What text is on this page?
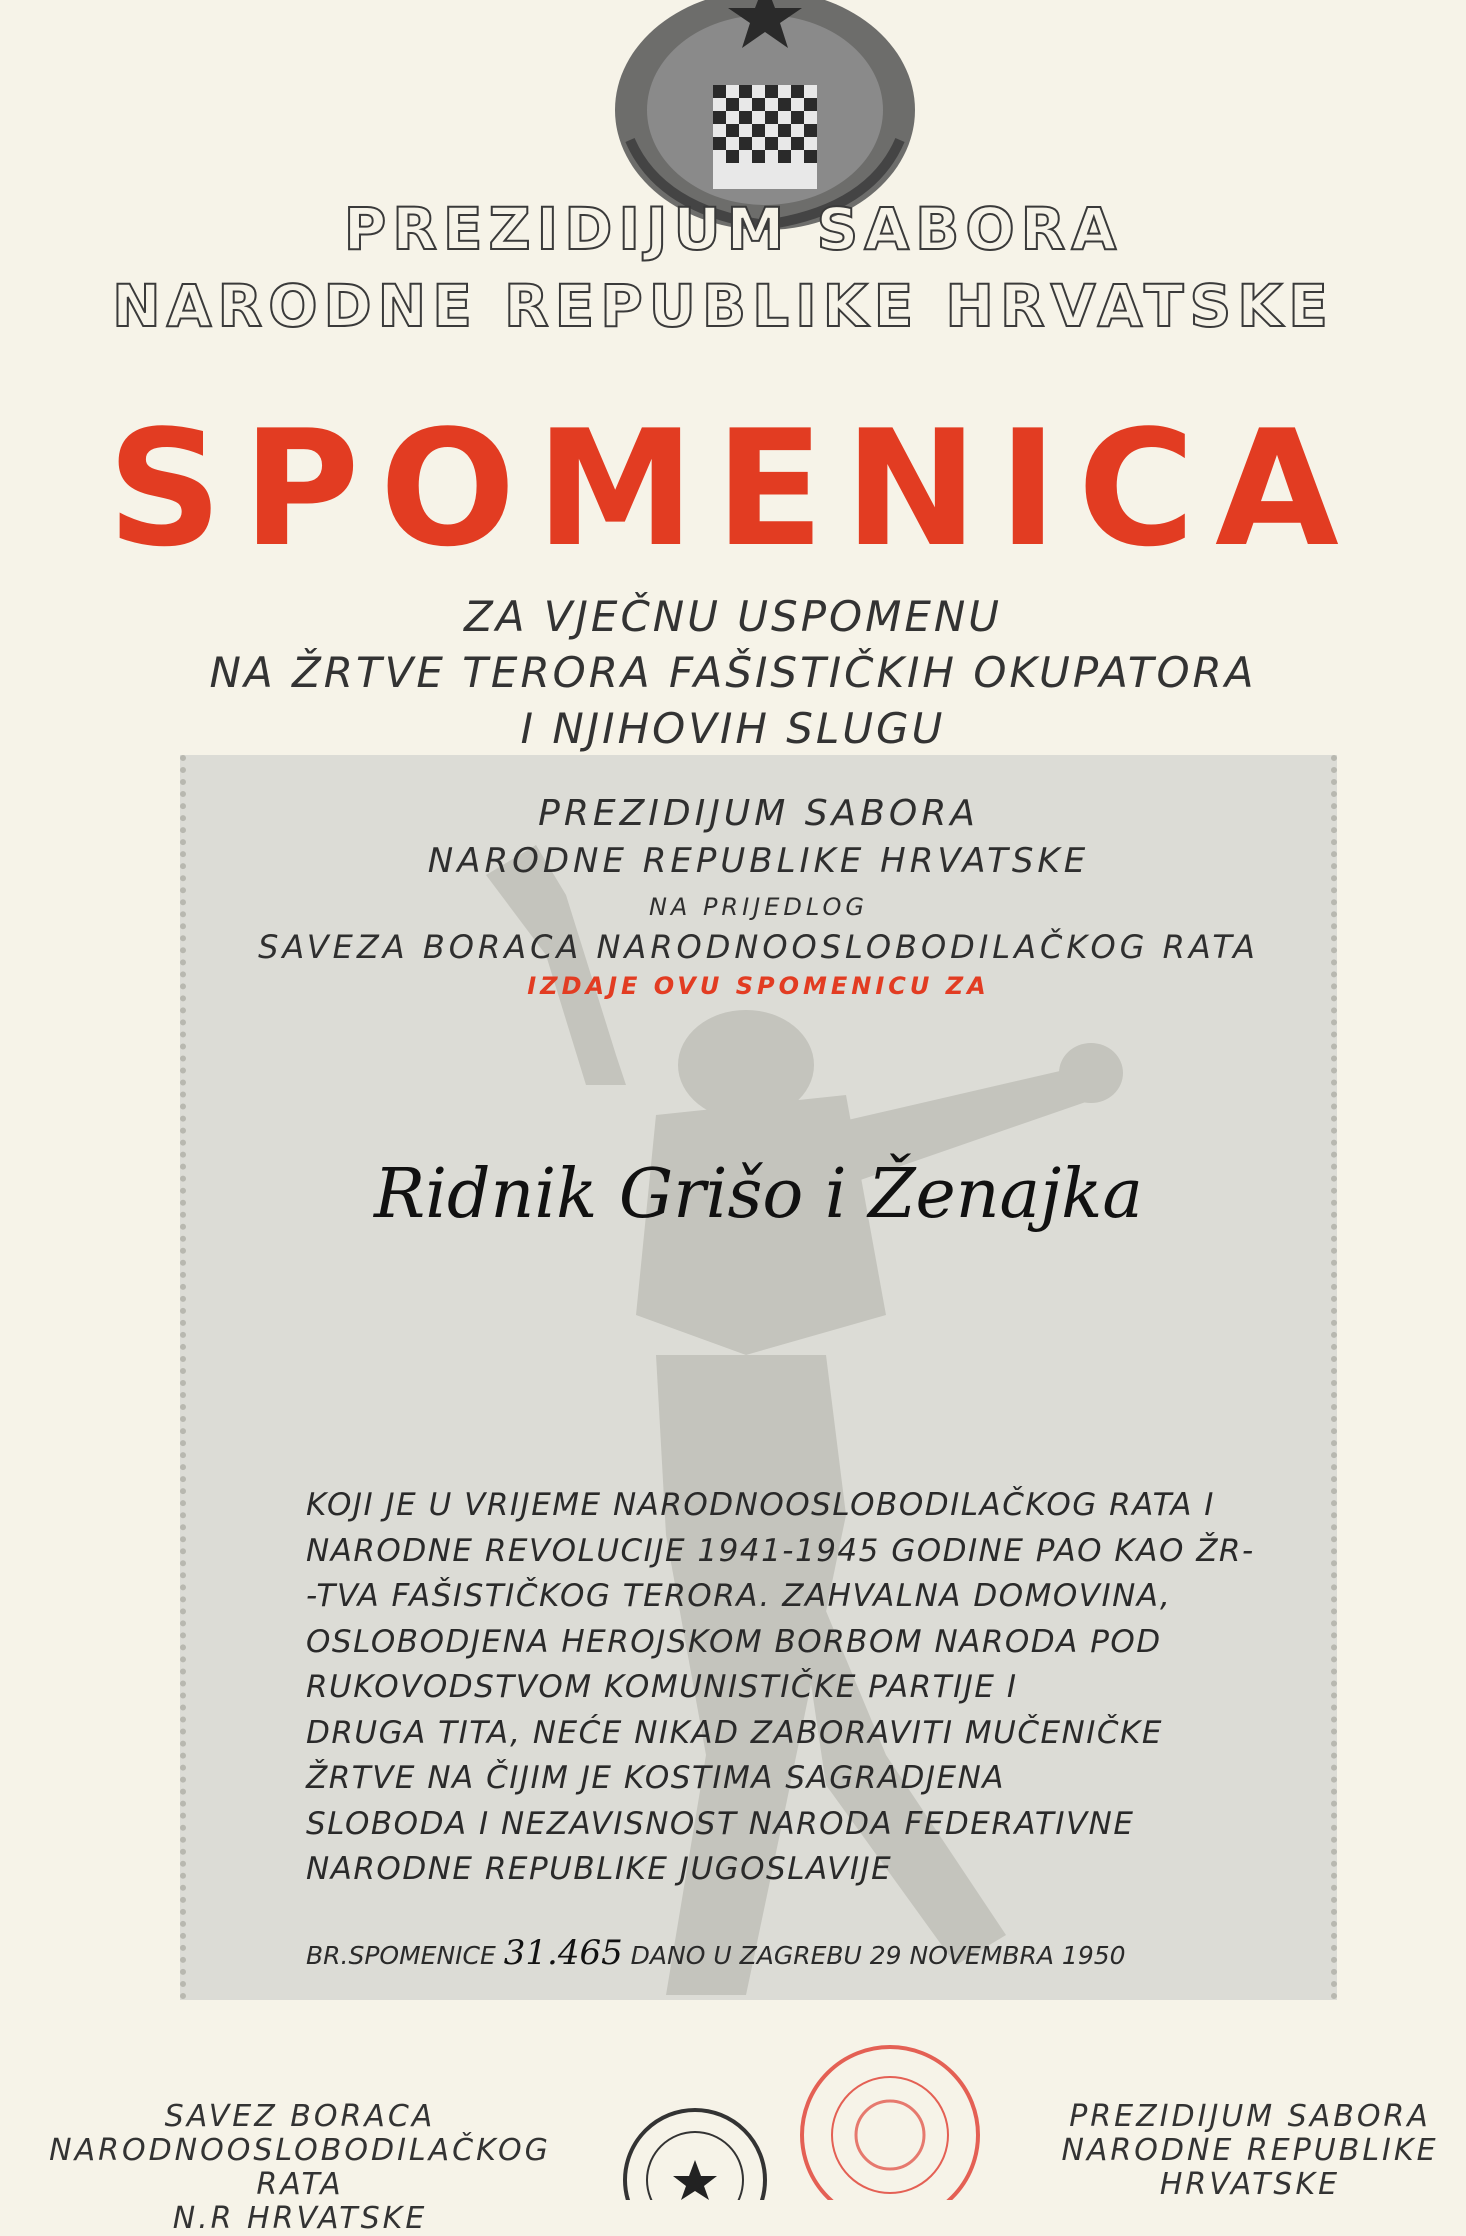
PREZIDIJUM SABORA
NARODNE REPUBLIKE HRVATSKE
SPOMENICA
ZA VJEČNU USPOMENU
NA ŽRTVE TERORA FAŠISTIČKIH OKUPATORA
I NJIHOVIH SLUGU
PREZIDIJUM SABORA
NARODNE REPUBLIKE HRVATSKE
NA PRIJEDLOG
SAVEZA BORACA NARODNOOSLOBODILAČKOG RATA
IZDAJE OVU SPOMENICU ZA
Ridnik Grišo i Ženajka
KOJI JE U VRIJEME NARODNOOSLOBODILAČKOG RATA I
NARODNE REVOLUCIJE 1941-1945 GODINE PAO KAO ŽR-
-TVA FAŠISTIČKOG TERORA. ZAHVALNA DOMOVINA,
OSLOBODJENA HEROJSKOM BORBOM NARODA POD
RUKOVODSTVOM KOMUNISTIČKE PARTIJE I
DRUGA TITA, NEĆE NIKAD ZABORAVITI MUČENIČKE
ŽRTVE NA ČIJIM JE KOSTIMA SAGRADJENA
SLOBODA I NEZAVISNOST NARODA FEDERATIVNE
NARODNE REPUBLIKE JUGOSLAVIJE
BR.SPOMENICE 31.465 DANO U ZAGREBU 29 NOVEMBRA 1950
SAVEZ BORACA
NARODNOOSLOBODILAČKOG RATA
N.R HRVATSKE
PREZIDIJUM SABORA
NARODNE REPUBLIKE
HRVATSKE
